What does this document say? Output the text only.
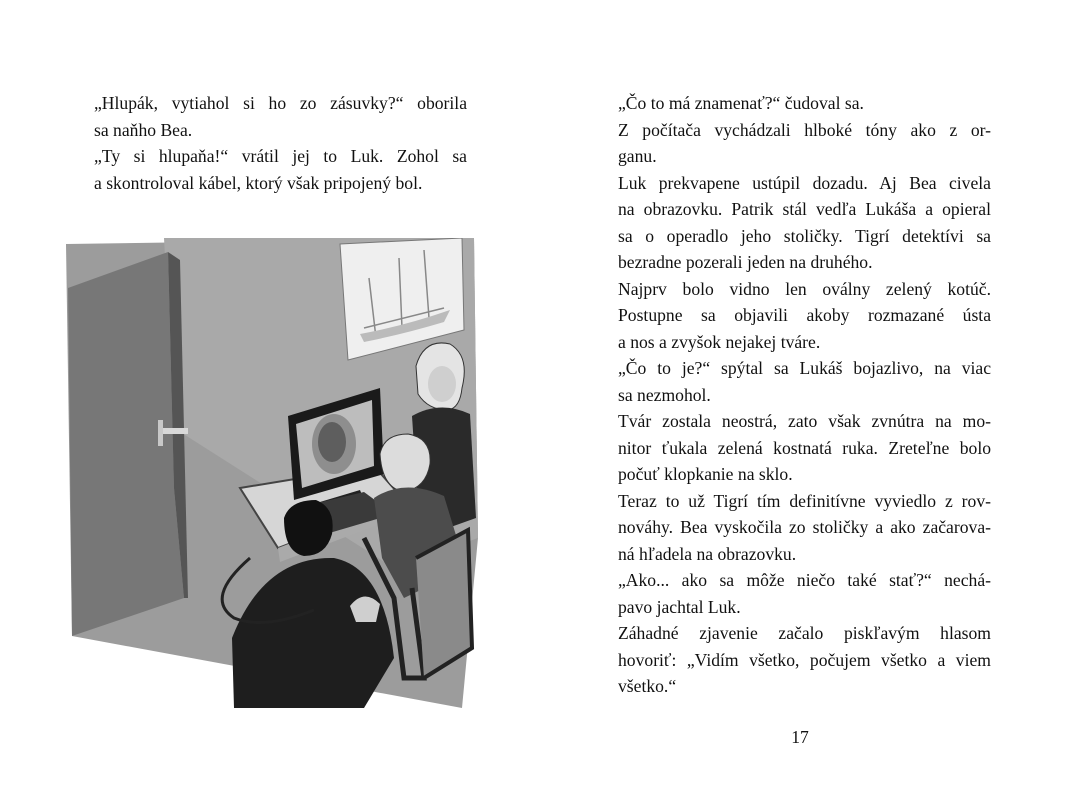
„Hlupák, vytiahol si ho zo zásuvky?“ oborila
sa naňho Bea.

„Ty si hlupaňa!“ vrátil jej to Luk. Zohol sa
a skontroloval kábel, ktorý však pripojený bol.

„Čo to má znamenať?“ čudoval sa.

Z počítača vychádzali hlboké tóny ako z or-
ganu.

Luk prekvapene ustúpil dozadu. Aj Bea civela
na obrazovku. Patrik stál vedľa Lukáša a opieral
sa o operadlo jeho stoličky. Tigrí detektívi sa
bezradne pozerali jeden na druhého.

Najprv bolo vidno len oválny zelený kotúč.
Postupne sa objavili akoby rozmazané ústa
a nos a zvyšok nejakej tváre.

„Čo to je?“ spýtal sa Lukáš bojazlivo, na viac
sa nezmohol.

Tvár zostala neostrá, zato však zvnútra na mo-
nitor ťukala zelená kostnatá ruka. Zreteľne bolo
počuť klopkanie na sklo.

Teraz to už Tigrí tím definitívne vyviedlo z rov-
nováhy. Bea vyskočila zo stoličky a ako začarova-
ná hľadela na obrazovku.

„Ako... ako sa môže niečo také stať?“ nechá-
pavo jachtal Luk.

Záhadné zjavenie začalo piskľavým hlasom
hovoriť: „Vidím všetko, počujem všetko a viem
všetko.“

17
